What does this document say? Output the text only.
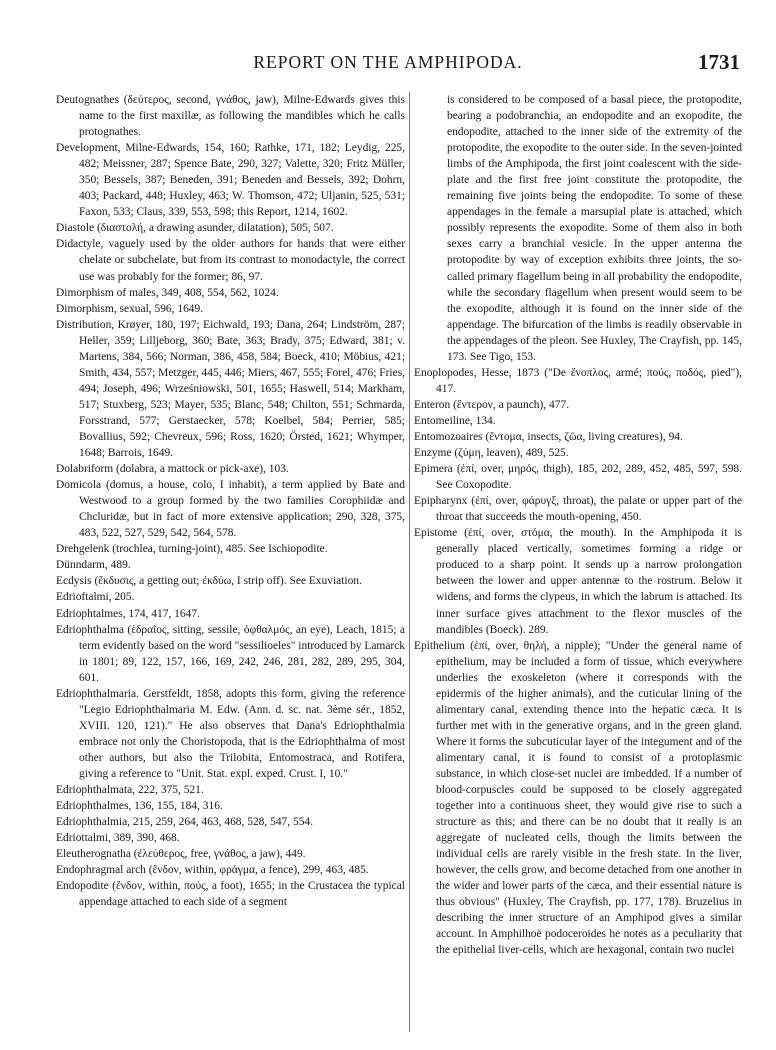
REPORT ON THE AMPHIPODA.	1731
Deutognathes (δεύτερος, second, γνάθος, jaw), Milne-Edwards gives this name to the first maxillæ, as following the mandibles which he calls protognathes.
Development, Milne-Edwards, 154, 160; Rathke, 171, 182; Leydig, 225, 482; Meissner, 287; Spence Bate, 290, 327; Valette, 320; Fritz Müller, 350; Bessels, 387; Beneden, 391; Beneden and Bessels, 392; Dohrn, 403; Packard, 448; Huxley, 463; W. Thomson, 472; Uljanin, 525, 531; Faxon, 533; Claus, 339, 553, 598; this Report, 1214, 1602.
Diastole (διαστολή, a drawing asunder, dilatation), 505, 507.
Didactyle, vaguely used by the older authors for hands that were either chelate or subchelate, but from its contrast to monodactyle, the correct use was probably for the former; 86, 97.
Dimorphism of males, 349, 408, 554, 562, 1024.
Dimorphism, sexual, 596, 1649.
Distribution, Krøyer, 180, 197; Eichwald, 193; Dana, 264; Lindström, 287; Heller, 359; Lilljeborg, 360; Bate, 363; Brady, 375; Edward, 381; v. Martens, 384, 566; Norman, 386, 458, 584; Boeck, 410; Möbius, 421; Smith, 434, 557; Metzger, 445, 446; Miers, 467, 555; Forel, 476; Fries, 494; Joseph, 496; Wrześniowski, 501, 1655; Haswell, 514; Markham, 517; Stuxberg, 523; Mayer, 535; Blanc, 548; Chilton, 551; Schmarda, Forsstrand, 577; Gerstaecker, 578; Koelbel, 584; Perrier, 585; Bovallius, 592; Chevreux, 596; Ross, 1620; Örsted, 1621; Whymper, 1648; Barrois, 1649.
Dolabriform (dolabra, a mattock or pick-axe), 103.
Domicola (domus, a house, colo, I inhabit), a term applied by Bate and Westwood to a group formed by the two families Corophiidæ and Chcluridæ, but in fact of more extensive application; 290, 328, 375, 483, 522, 527, 529, 542, 564, 578.
Drehgelenk (trochlea, turning-joint), 485. See Ischiopodite.
Dünndarm, 489.
Ecdysis (ἔκδυσις, a getting out; ἐκδύω, I strip off). See Exuviation.
Edrioftalmi, 205.
Edriophtalmes, 174, 417, 1647.
Edriophthalma (ἑδραῖος, sitting, sessile, ὀφθαλμός, an eye), Leach, 1815; a term evidently based on the word "sessilioeles" introduced by Lamarck in 1801; 89, 122, 157, 166, 169, 242, 246, 281, 282, 289, 295, 304, 601.
Edriophthalmaria. Gerstfeldt, 1858, adopts this form, giving the reference "Legio Edriophthalmaria M. Edw. (Ann. d. sc. nat. 3ème sér., 1852, XVIII. 120, 121)." He also observes that Dana's Edriophthalmia embrace not only the Choristopoda, that is the Edriophthalma of most other authors, but also the Trilobita, Entomostraca, and Rotifera, giving a reference to "Unit. Stat. expl. exped. Crust. I, 10."
Edriophthalmata, 222, 375, 521.
Edriophthalmes, 136, 155, 184, 316.
Edriophthalmia, 215, 259, 264, 463, 468, 528, 547, 554.
Edriottalmi, 389, 390, 468.
Eleutherognatha (ἐλεύθερος, free, γνάθος, a jaw), 449.
Endophragmal arch (ἔνδον, within, φράγμα, a fence), 299, 463, 485.
Endopodite (ἔνδον, within, πούς, a foot), 1655; in the Crustacea the typical appendage attached to each side of a segment
is considered to be composed of a basal piece, the protopodite, bearing a podobranchia, an endopodite and an exopodite, the endopodite, attached to the inner side of the extremity of the protopodite, the exopodite to the outer side. In the seven-jointed limbs of the Amphipoda, the first joint coalescent with the side-plate and the first free joint constitute the protopodite, the remaining five joints being the endopodite. To some of these appendages in the female a marsupial plate is attached, which possibly represents the exopodite. Some of them also in both sexes carry a branchial vesicle. In the upper antenna the protopodite by way of exception exhibits three joints, the so-called primary flagellum being in all probability the endopodite, while the secondary flagellum when present would seem to be the exopodite, although it is found on the inner side of the appendage. The bifurcation of the limbs is readily observable in the appendages of the pleon. See Huxley, The Crayfish, pp. 145, 173. See Tigo, 153.
Enoplopodes, Hesse, 1873 ("De ἔνοπλος, armé; πούς, ποδός, pied"), 417.
Enteron (ἔντερον, a paunch), 477.
Entomeiline, 134.
Entomozoaires (ἔντομα, insects, ζῶα, living creatures), 94.
Enzyme (ζύμη, leaven), 489, 525.
Epimera (ἐπί, over, μηρός, thigh), 185, 202, 289, 452, 485, 597, 598. See Coxopodite.
Epipharynx (ἐπί, over, φάρυγξ, throat), the palate or upper part of the throat that succeeds the mouth-opening, 450.
Epistome (ἐπί, over, στόμα, the mouth). In the Amphipoda it is generally placed vertically, sometimes forming a ridge or produced to a sharp point. It sends up a narrow prolongation between the lower and upper antennæ to the rostrum. Below it widens, and forms the clypeus, in which the labrum is attached. Its inner surface gives attachment to the flexor muscles of the mandibles (Boeck). 289.
Epithelium (ἐπί, over, θηλή, a nipple); "Under the general name of epithelium, may be included a form of tissue, which everywhere underlies the exoskeleton (where it corresponds with the epidermis of the higher animals), and the cuticular lining of the alimentary canal, extending thence into the hepatic cæca. It is further met with in the generative organs, and in the green gland. Where it forms the subcuticular layer of the integument and of the alimentary canal, it is found to consist of a protoplasmic substance, in which close-set nuclei are imbedded. If a number of blood-corpuscles could be supposed to be closely aggregated together into a continuous sheet, they would give rise to such a structure as this; and there can be no doubt that it really is an aggregate of nucleated cells, though the limits between the individual cells are rarely visible in the fresh state. In the liver, however, the cells grow, and become detached from one another in the wider and lower parts of the cæca, and their essential nature is thus obvious" (Huxley, The Crayfish, pp. 177, 178). Bruzelius in describing the inner structure of an Amphipod gives a similar account. In Amphilhoë podoceroides he notes as a peculiarity that the epithelial liver-cells, which are hexagonal, contain two nuclei
